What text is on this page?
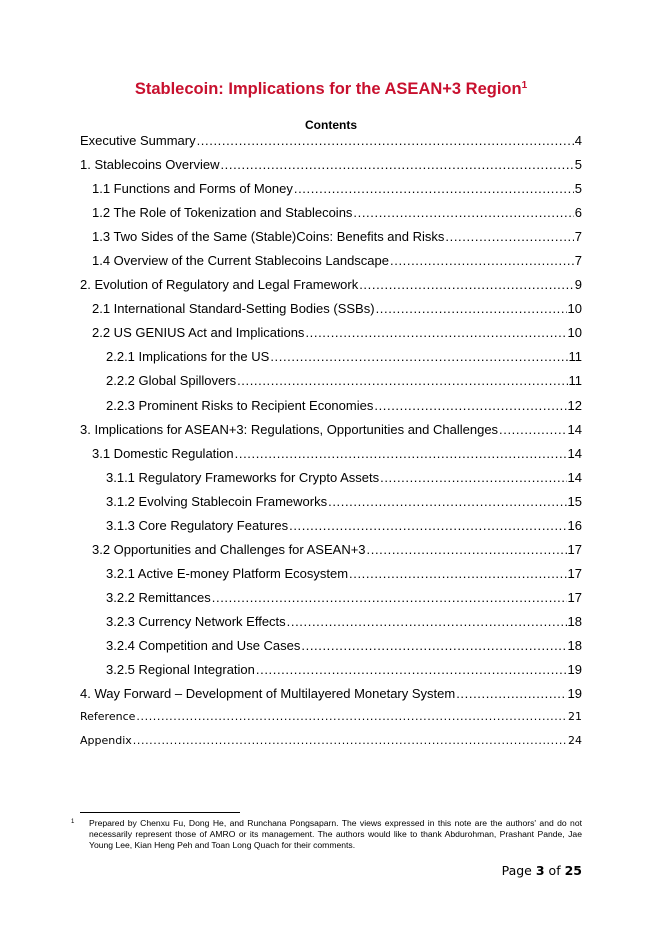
Stablecoin: Implications for the ASEAN+3 Region$^1$
Contents
Executive Summary .....	4
1. Stablecoins Overview .....	5
1.1 Functions and Forms of Money .....	5
1.2 The Role of Tokenization and Stablecoins .....	6
1.3 Two Sides of the Same (Stable)Coins: Benefits and Risks .....	7
1.4 Overview of the Current Stablecoins Landscape .....	7
2. Evolution of Regulatory and Legal Framework .....	9
2.1 International Standard-Setting Bodies (SSBs) .....	10
2.2 US GENIUS Act and Implications .....	10
2.2.1 Implications for the US .....	11
2.2.2 Global Spillovers .....	11
2.2.3 Prominent Risks to Recipient Economies .....	12
3. Implications for ASEAN+3: Regulations, Opportunities and Challenges .....	14
3.1 Domestic Regulation .....	14
3.1.1 Regulatory Frameworks for Crypto Assets .....	14
3.1.2 Evolving Stablecoin Frameworks .....	15
3.1.3 Core Regulatory Features .....	16
3.2 Opportunities and Challenges for ASEAN+3 .....	17
3.2.1 Active E-money Platform Ecosystem .....	17
3.2.2 Remittances .....	17
3.2.3 Currency Network Effects .....	18
3.2.4 Competition and Use Cases .....	18
3.2.5 Regional Integration .....	19
4. Way Forward – Development of Multilayered Monetary System .....	19
Reference .....	21
Appendix .....	24
1 Prepared by Chenxu Fu, Dong He, and Runchana Pongsaparn. The views expressed in this note are the authors' and do not necessarily represent those of AMRO or its management. The authors would like to thank Abdurohman, Prashant Pande, Jae Young Lee, Kian Heng Peh and Toan Long Quach for their comments.
Page 3 of 25
